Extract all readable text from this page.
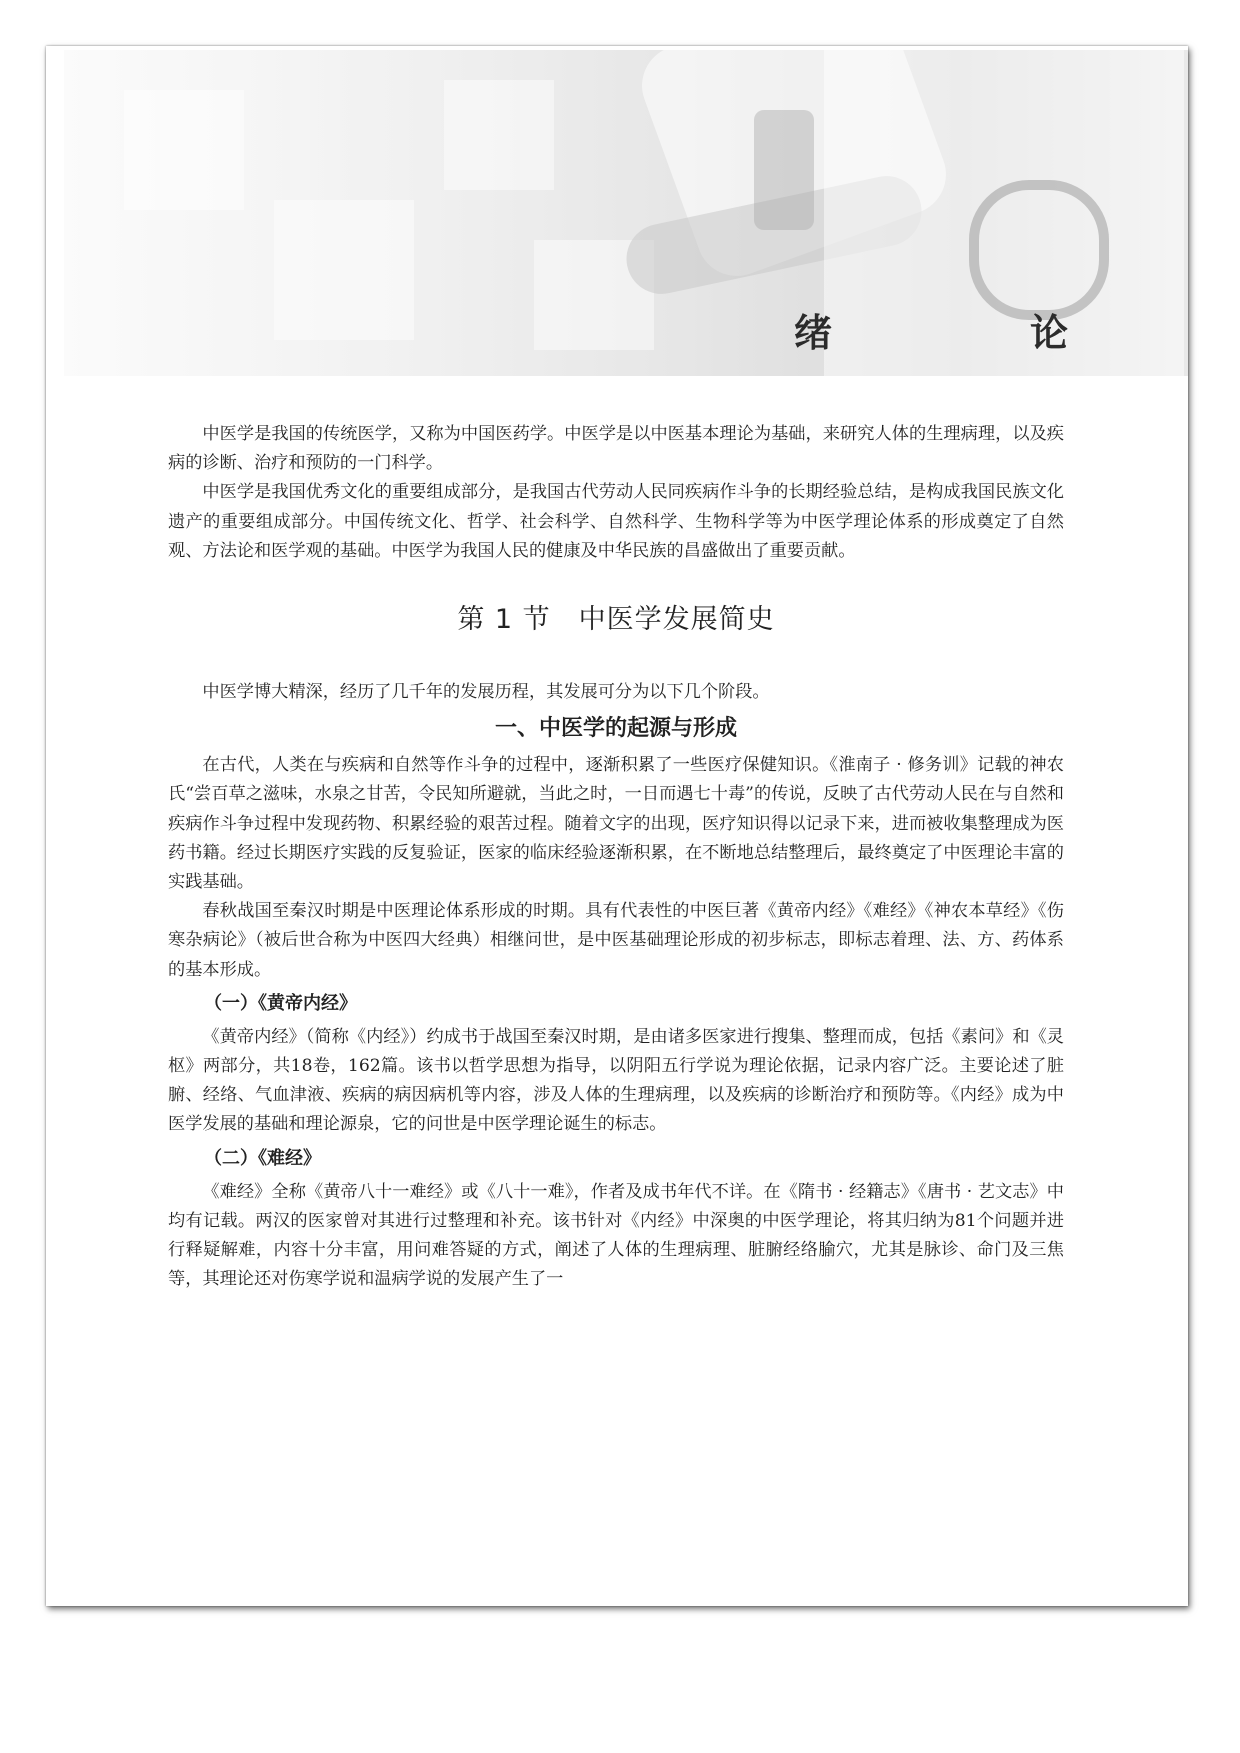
绪　论

中医学是我国的传统医学，又称为中国医药学。中医学是以中医基本理论为基础，来研究人体的生理病理，以及疾病的诊断、治疗和预防的一门科学。

中医学是我国优秀文化的重要组成部分，是我国古代劳动人民同疾病作斗争的长期经验总结，是构成我国民族文化遗产的重要组成部分。中国传统文化、哲学、社会科学、自然科学、生物科学等为中医学理论体系的形成奠定了自然观、方法论和医学观的基础。中医学为我国人民的健康及中华民族的昌盛做出了重要贡献。

第 1 节　中医学发展简史

中医学博大精深，经历了几千年的发展历程，其发展可分为以下几个阶段。

一、中医学的起源与形成

在古代，人类在与疾病和自然等作斗争的过程中，逐渐积累了一些医疗保健知识。《淮南子 · 修务训》记载的神农氏“尝百草之滋味，水泉之甘苦，令民知所避就，当此之时，一日而遇七十毒”的传说，反映了古代劳动人民在与自然和疾病作斗争过程中发现药物、积累经验的艰苦过程。随着文字的出现，医疗知识得以记录下来，进而被收集整理成为医药书籍。经过长期医疗实践的反复验证，医家的临床经验逐渐积累，在不断地总结整理后，最终奠定了中医理论丰富的实践基础。

春秋战国至秦汉时期是中医理论体系形成的时期。具有代表性的中医巨著《黄帝内经》《难经》《神农本草经》《伤寒杂病论》（被后世合称为中医四大经典）相继问世，是中医基础理论形成的初步标志，即标志着理、法、方、药体系的基本形成。

（一）《黄帝内经》

《黄帝内经》（简称《内经》）约成书于战国至秦汉时期，是由诸多医家进行搜集、整理而成，包括《素问》和《灵枢》两部分，共18卷，162篇。该书以哲学思想为指导，以阴阳五行学说为理论依据，记录内容广泛。主要论述了脏腑、经络、气血津液、疾病的病因病机等内容，涉及人体的生理病理，以及疾病的诊断治疗和预防等。《内经》成为中医学发展的基础和理论源泉，它的问世是中医学理论诞生的标志。

（二）《难经》

《难经》全称《黄帝八十一难经》或《八十一难》，作者及成书年代不详。在《隋书 · 经籍志》《唐书 · 艺文志》中均有记载。两汉的医家曾对其进行过整理和补充。该书针对《内经》中深奥的中医学理论，将其归纳为81个问题并进行释疑解难，内容十分丰富，用问难答疑的方式，阐述了人体的生理病理、脏腑经络腧穴，尤其是脉诊、命门及三焦等，其理论还对伤寒学说和温病学说的发展产生了一
